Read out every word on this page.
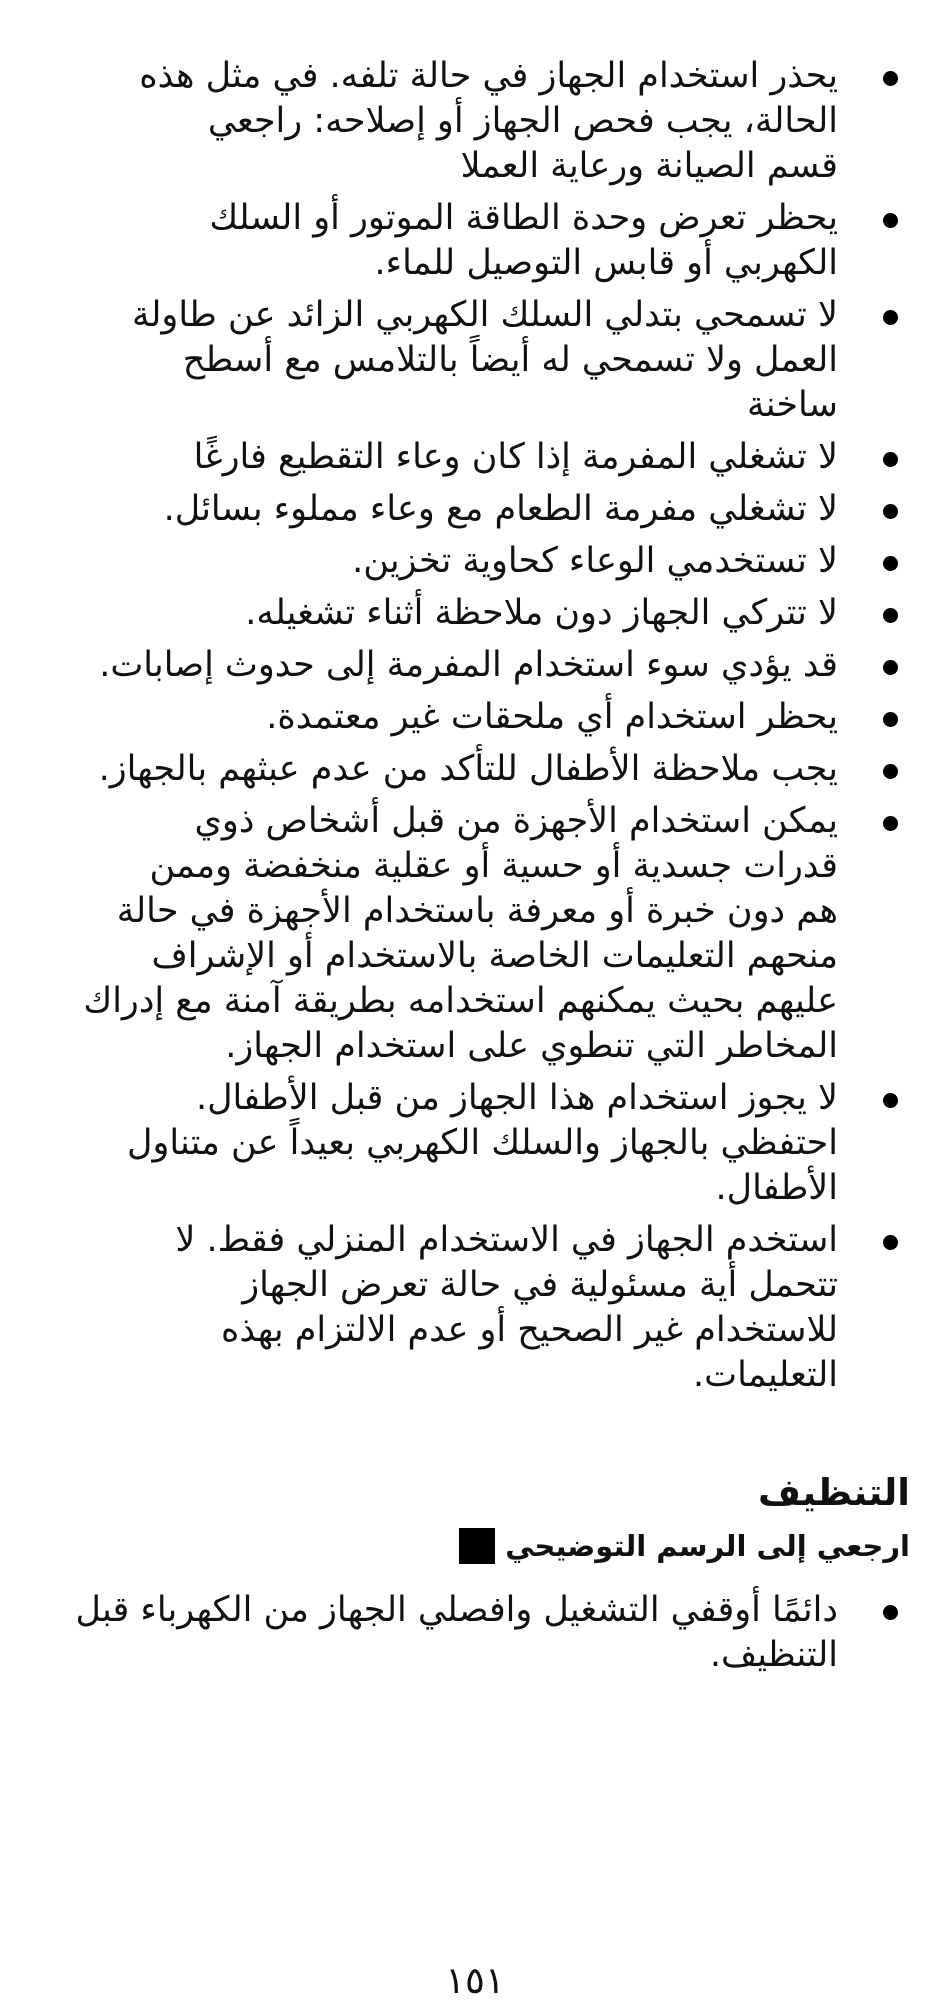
يحذر استخدام الجهاز في حالة تلفه. في مثل هذه
الحالة، يجب فحص الجهاز أو إصلاحه: راجعي
قسم الصيانة ورعاية العملا
يحظر تعرض وحدة الطاقة الموتور أو السلك
الكهربي أو قابس التوصيل للماء.
لا تسمحي بتدلي السلك الكهربي الزائد عن طاولة
العمل ولا تسمحي له أيضاً بالتلامس مع أسطح
ساخنة
لا تشغلي المفرمة إذا كان وعاء التقطيع فارغًا
لا تشغلي مفرمة الطعام مع وعاء مملوء بسائل.
لا تستخدمي الوعاء كحاوية تخزين.
لا تتركي الجهاز دون ملاحظة أثناء تشغيله.
قد يؤدي سوء استخدام المفرمة إلى حدوث إصابات.
يحظر استخدام أي ملحقات غير معتمدة.
يجب ملاحظة الأطفال للتأكد من عدم عبثهم بالجهاز.
يمكن استخدام الأجهزة من قبل أشخاص ذوي
قدرات جسدية أو حسية أو عقلية منخفضة وممن
هم دون خبرة أو معرفة باستخدام الأجهزة في حالة
منحهم التعليمات الخاصة بالاستخدام أو الإشراف
عليهم بحيث يمكنهم استخدامه بطريقة آمنة مع إدراك
المخاطر التي تنطوي على استخدام الجهاز.
لا يجوز استخدام هذا الجهاز من قبل الأطفال.
احتفظي بالجهاز والسلك الكهربي بعيداً عن متناول
الأطفال.
استخدم الجهاز في الاستخدام المنزلي فقط. لا
تتحمل أية مسئولية في حالة تعرض الجهاز
للاستخدام غير الصحيح أو عدم الالتزام بهذه
التعليمات.
التنظيف
ارجعي إلى الرسم التوضيحي
دائمًا أوقفي التشغيل وافصلي الجهاز من الكهرباء قبل
التنظيف.
١٥١
